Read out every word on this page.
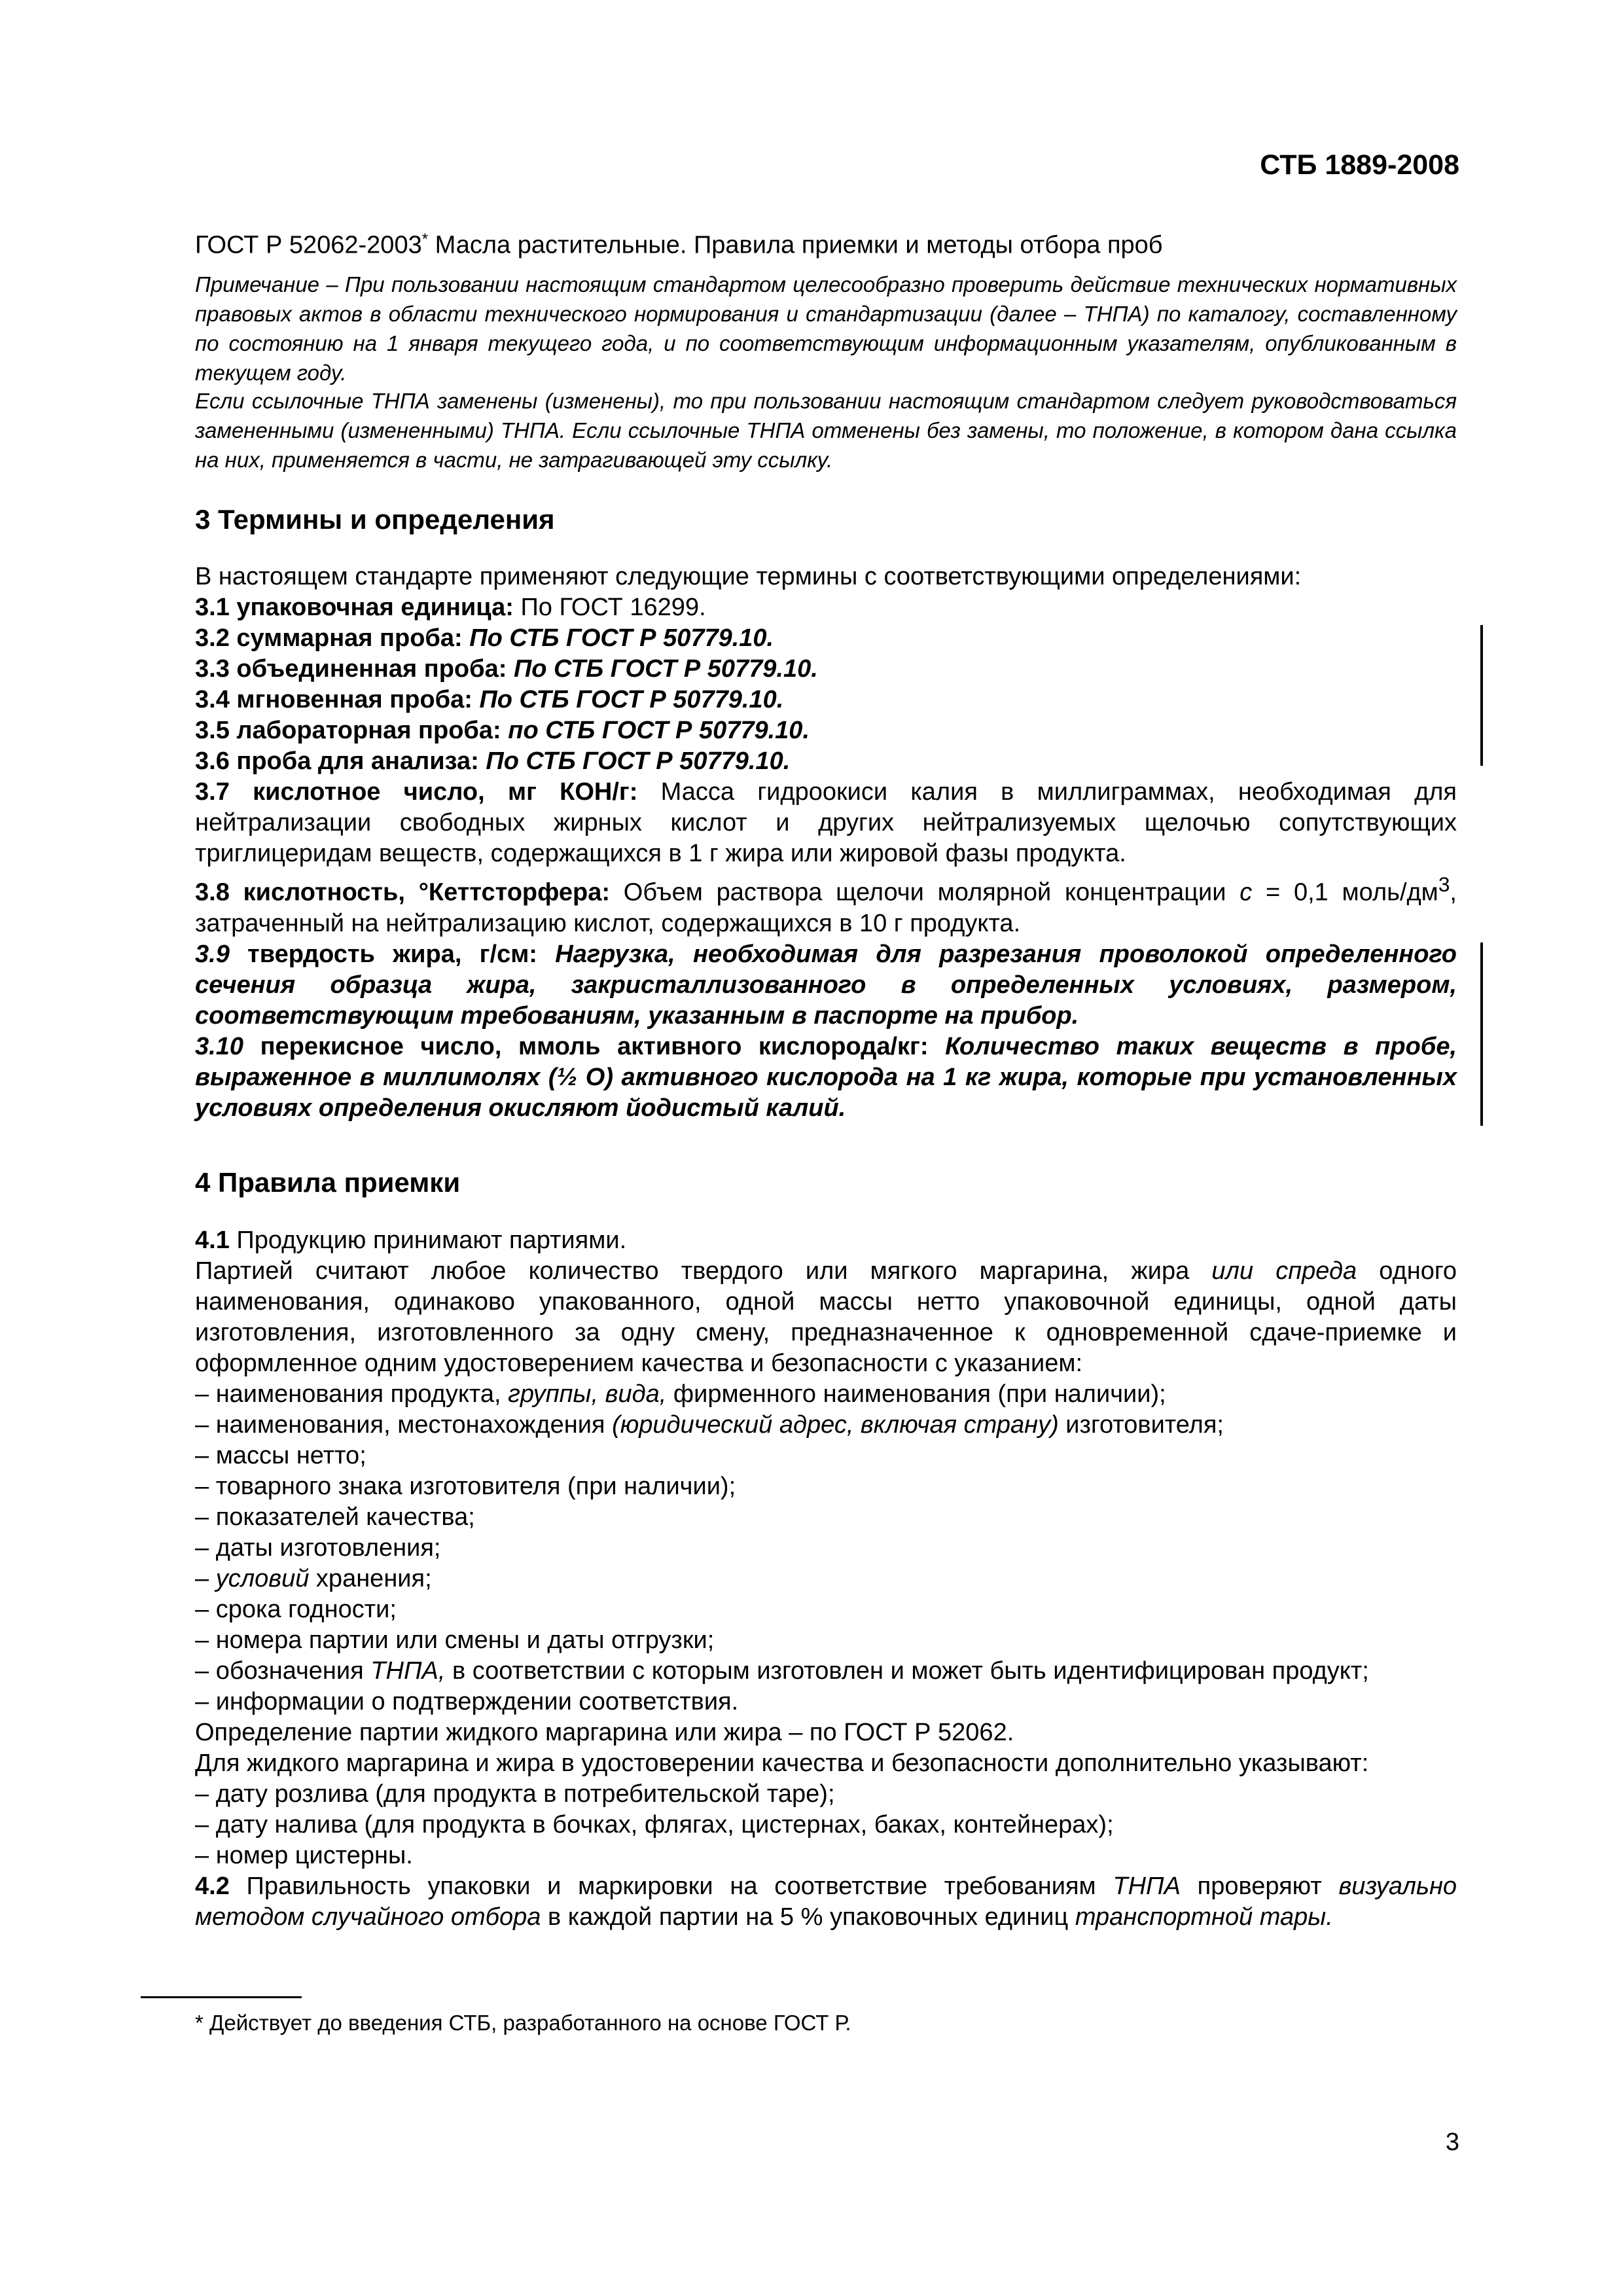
СТБ 1889-2008
ГОСТ Р 52062-2003* Масла растительные. Правила приемки и методы отбора проб
Примечание – При пользовании настоящим стандартом целесообразно проверить действие технических нормативных правовых актов в области технического нормирования и стандартизации (далее – ТНПА) по каталогу, составленному по состоянию на 1 января текущего года, и по соответствующим информационным указателям, опубликованным в текущем году.
Если ссылочные ТНПА заменены (изменены), то при пользовании настоящим стандартом следует руководствоваться замененными (измененными) ТНПА. Если ссылочные ТНПА отменены без замены, то положение, в котором дана ссылка на них, применяется в части, не затрагивающей эту ссылку.
3 Термины и определения
В настоящем стандарте применяют следующие термины с соответствующими определениями:
3.1 упаковочная единица: По ГОСТ 16299.
3.2 суммарная проба: По СТБ ГОСТ Р 50779.10.
3.3 объединенная проба: По СТБ ГОСТ Р 50779.10.
3.4 мгновенная проба: По СТБ ГОСТ Р 50779.10.
3.5 лабораторная проба: по СТБ ГОСТ Р 50779.10.
3.6 проба для анализа: По СТБ ГОСТ Р 50779.10.
3.7 кислотное число, мг КОН/г: Масса гидроокиси калия в миллиграммах, необходимая для нейтрализации свободных жирных кислот и других нейтрализуемых щелочью сопутствующих триглицеридам веществ, содержащихся в 1 г жира или жировой фазы продукта.
3.8 кислотность, °Кеттсторфера: Объем раствора щелочи молярной концентрации с = 0,1 моль/$дм^3$, затраченный на нейтрализацию кислот, содержащихся в 10 г продукта.
3.9 твердость жира, г/см: Нагрузка, необходимая для разрезания проволокой определенного сечения образца жира, закристаллизованного в определенных условиях, размером, соответствующим требованиям, указанным в паспорте на прибор.
3.10 перекисное число, ммоль активного кислорода/кг: Количество таких веществ в пробе, выраженное в миллимолях (½ О) активного кислорода на 1 кг жира, которые при установленных условиях определения окисляют йодистый калий.
4 Правила приемки
4.1 Продукцию принимают партиями.
Партией считают любое количество твердого или мягкого маргарина, жира или спреда одного наименования, одинаково упакованного, одной массы нетто упаковочной единицы, одной даты изготовления, изготовленного за одну смену, предназначенное к одновременной сдаче-приемке и оформленное одним удостоверением качества и безопасности с указанием:
– наименования продукта, группы, вида, фирменного наименования (при наличии);
– наименования, местонахождения (юридический адрес, включая страну) изготовителя;
– массы нетто;
– товарного знака изготовителя (при наличии);
– показателей качества;
– даты изготовления;
– условий хранения;
– срока годности;
– номера партии или смены и даты отгрузки;
– обозначения ТНПА, в соответствии с которым изготовлен и может быть идентифицирован продукт;
– информации о подтверждении соответствия.
Определение партии жидкого маргарина или жира – по ГОСТ Р 52062.
Для жидкого маргарина и жира в удостоверении качества и безопасности дополнительно указывают:
– дату розлива (для продукта в потребительской таре);
– дату налива (для продукта в бочках, флягах, цистернах, баках, контейнерах);
– номер цистерны.
4.2 Правильность упаковки и маркировки на соответствие требованиям ТНПА проверяют визуально методом случайного отбора в каждой партии на 5 % упаковочных единиц транспортной тары.
* Действует до введения СТБ, разработанного на основе ГОСТ Р.
3
